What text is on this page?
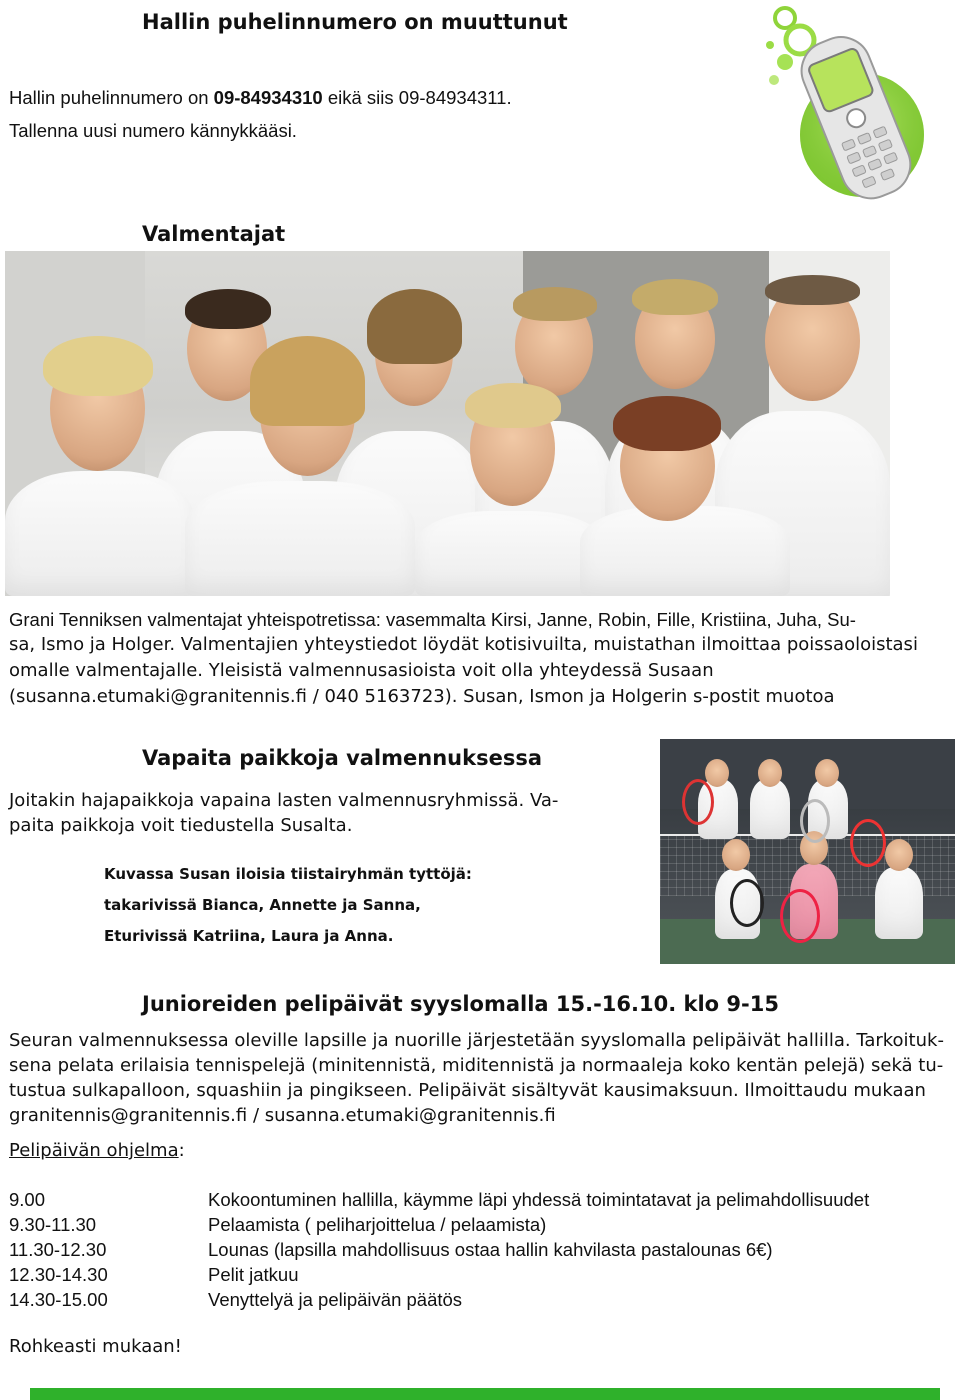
Hallin puhelinnumero on muuttunut
Hallin puhelinnumero on 09-84934310 eikä siis 09-84934311.
Tallenna uusi numero kännykkääsi.
Valmentajat
Grani Tenniksen valmentajat yhteispotretissa: vasemmalta Kirsi, Janne, Robin, Fille, Kristiina, Juha, Su-
sa, Ismo ja Holger. Valmentajien yhteystiedot löydät kotisivuilta, muistathan ilmoittaa poissaoloistasi
omalle valmentajalle. Yleisistä valmennusasioista voit olla yhteydessä Susaan
(susanna.etumaki@granitennis.fi / 040 5163723). Susan, Ismon ja Holgerin s-postit muotoa
Vapaita paikkoja valmennuksessa
Joitakin hajapaikkoja vapaina lasten valmennusryhmissä. Va-
paita paikkoja voit tiedustella Susalta.
Kuvassa Susan iloisia tiistairyhmän tyttöjä:
takarivissä Bianca, Annette ja Sanna,
Eturivissä Katriina, Laura ja Anna.
Junioreiden pelipäivät syyslomalla 15.-16.10. klo 9-15
Seuran valmennuksessa oleville lapsille ja nuorille järjestetään syyslomalla pelipäivät hallilla. Tarkoituk-
sena pelata erilaisia tennispelejä (minitennistä, miditennistä ja normaaleja koko kentän pelejä) sekä tu-
tustua sulkapalloon, squashiin ja pingikseen. Pelipäivät sisältyvät kausimaksuun. Ilmoittaudu mukaan
granitennis@granitennis.fi / susanna.etumaki@granitennis.fi
Pelipäivän ohjelma:
9.00	Kokoontuminen hallilla, käymme läpi yhdessä toimintatavat ja pelimahdollisuudet
9.30-11.30	Pelaamista ( peliharjoittelua / pelaamista)
11.30-12.30	Lounas (lapsilla mahdollisuus ostaa hallin kahvilasta pastalounas 6€)
12.30-14.30	Pelit jatkuu
14.30-15.00	Venyttelyä ja pelipäivän päätös
Rohkeasti mukaan!
